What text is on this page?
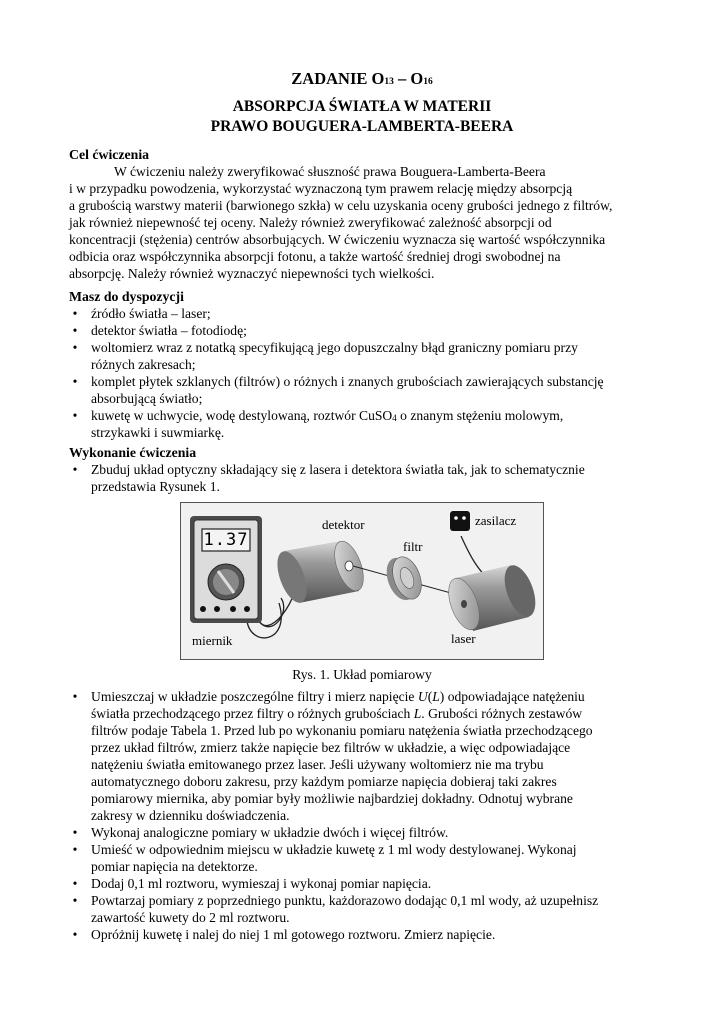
ZADANIE O13 – O16
ABSORPCJA ŚWIATŁA W MATERII
PRAWO BOUGUERA-LAMBERTA-BEERA
Cel ćwiczenia
W ćwiczeniu należy zweryfikować słuszność prawa Bouguera-Lamberta-Beera
i w przypadku powodzenia, wykorzystać wyznaczoną tym prawem relację między absorpcją
a grubością warstwy materii (barwionego szkła) w celu uzyskania oceny grubości jednego z filtrów,
jak również niepewność tej oceny. Należy również zweryfikować zależność absorpcji od
koncentracji (stężenia) centrów absorbujących. W ćwiczeniu wyznacza się wartość współczynnika
odbicia oraz współczynnika absorpcji fotonu, a także wartość średniej drogi swobodnej na
absorpcję. Należy również wyznaczyć niepewności tych wielkości.
Masz do dyspozycji
• źródło światła – laser;
• detektor światła – fotodiodę;
• woltomierz wraz z notatką specyfikującą jego dopuszczalny błąd graniczny pomiaru przy
różnych zakresach;
• komplet płytek szklanych (filtrów) o różnych i znanych grubościach zawierających substancję
absorbującą światło;
• kuwetę w uchwycie, wodę destylowaną, roztwór CuSO$_4$ o znanym stężeniu molowym,
strzykawki i suwmiarkę.
Wykonanie ćwiczenia
• Zbuduj układ optyczny składający się z lasera i detektora światła tak, jak to schematycznie
przedstawia Rysunek 1.
1.37
detektor
filtr
zasilacz
miernik	laser
Rys. 1. Układ pomiarowy
• Umieszczaj w układzie poszczególne filtry i mierz napięcie U(L) odpowiadające natężeniu
światła przechodzącego przez filtry o różnych grubościach L. Grubości różnych zestawów
filtrów podaje Tabela 1. Przed lub po wykonaniu pomiaru natężenia światła przechodzącego
przez układ filtrów, zmierz także napięcie bez filtrów w układzie, a więc odpowiadające
natężeniu światła emitowanego przez laser. Jeśli używany woltomierz nie ma trybu
automatycznego doboru zakresu, przy każdym pomiarze napięcia dobieraj taki zakres
pomiarowy miernika, aby pomiar były możliwie najbardziej dokładny. Odnotuj wybrane
zakresy w dzienniku doświadczenia.
• Wykonaj analogiczne pomiary w układzie dwóch i więcej filtrów.
• Umieść w odpowiednim miejscu w układzie kuwetę z 1 ml wody destylowanej. Wykonaj
pomiar napięcia na detektorze.
• Dodaj 0,1 ml roztworu, wymieszaj i wykonaj pomiar napięcia.
• Powtarzaj pomiary z poprzedniego punktu, każdorazowo dodając 0,1 ml wody, aż uzupełnisz
zawartość kuwety do 2 ml roztworu.
• Opróżnij kuwetę i nalej do niej 1 ml gotowego roztworu. Zmierz napięcie.
